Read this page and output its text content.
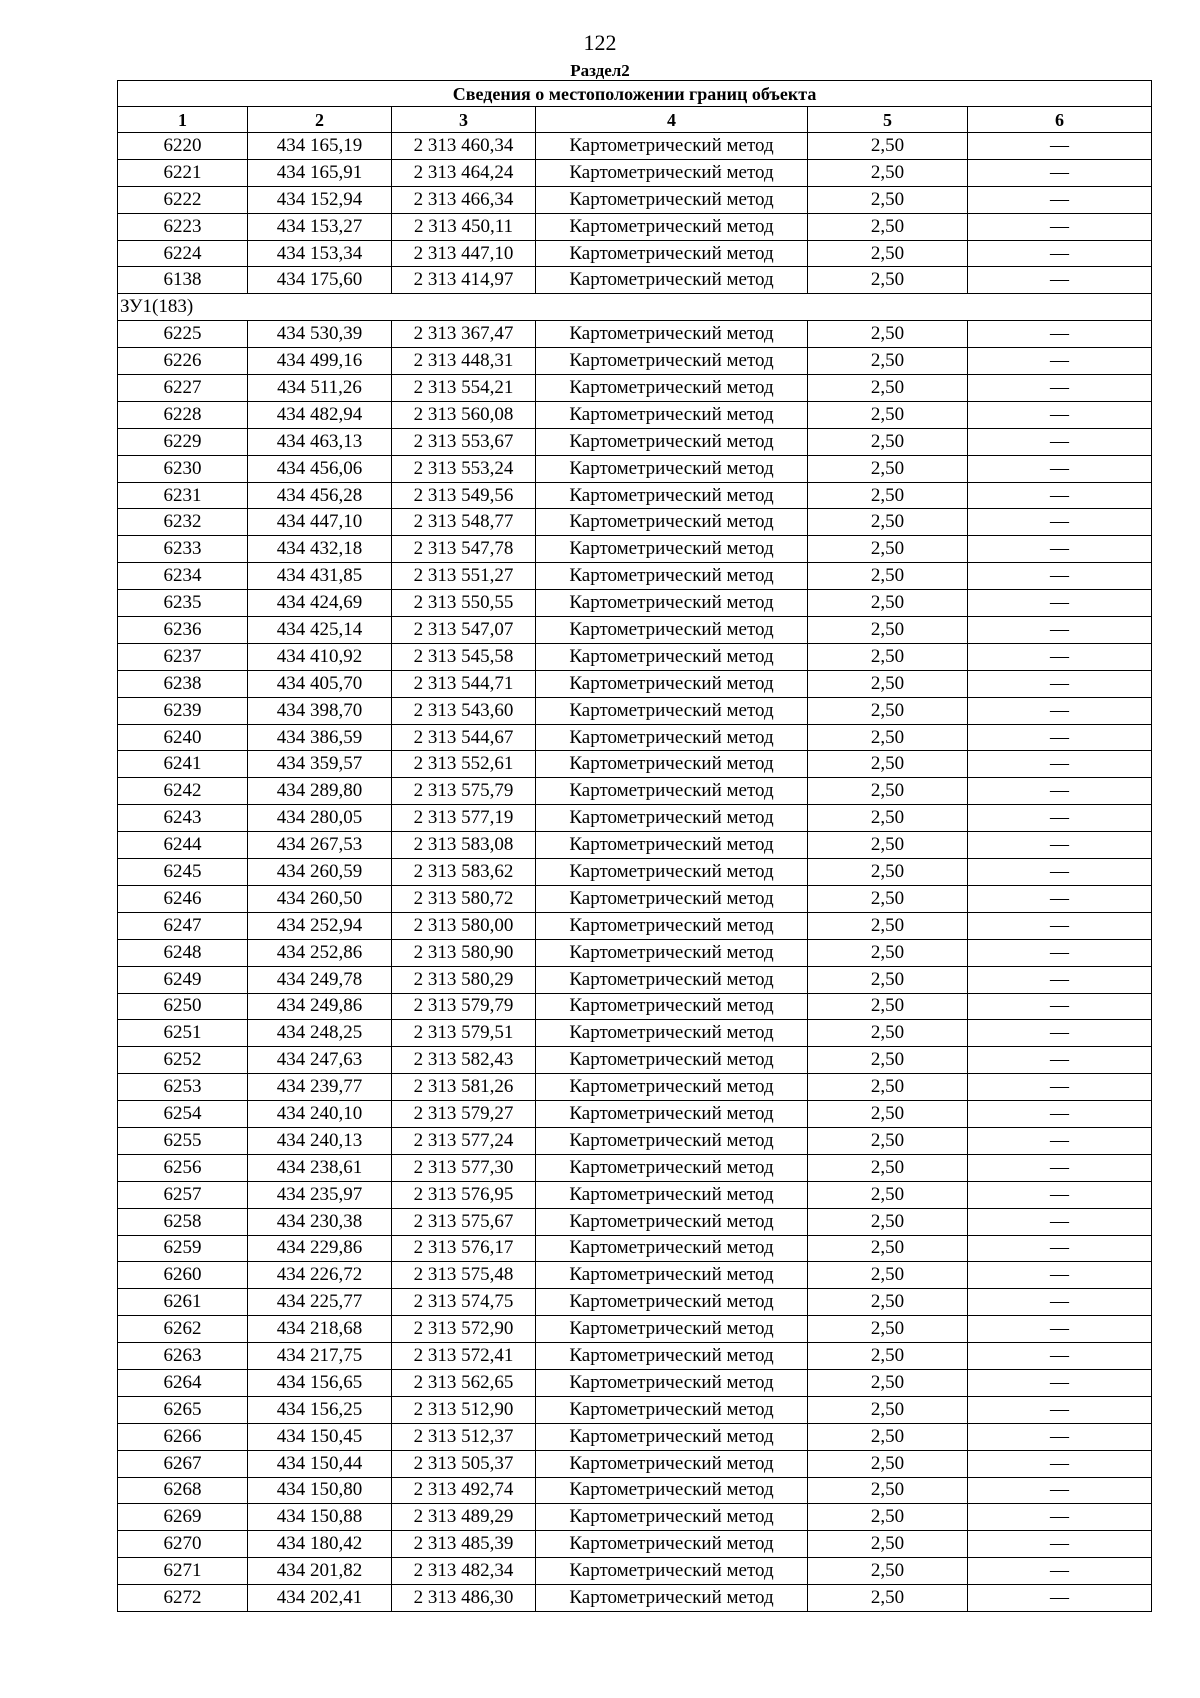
122
Раздел2
Сведения о местоположении границ объекта					
1	2	3	4	5	6
6220	434 165,19	2 313 460,34	Картометрический метод	2,50	—
6221	434 165,91	2 313 464,24	Картометрический метод	2,50	—
6222	434 152,94	2 313 466,34	Картометрический метод	2,50	—
6223	434 153,27	2 313 450,11	Картометрический метод	2,50	—
6224	434 153,34	2 313 447,10	Картометрический метод	2,50	—
6138	434 175,60	2 313 414,97	Картометрический метод	2,50	—
ЗУ1(183)					
6225	434 530,39	2 313 367,47	Картометрический метод	2,50	—
6226	434 499,16	2 313 448,31	Картометрический метод	2,50	—
6227	434 511,26	2 313 554,21	Картометрический метод	2,50	—
6228	434 482,94	2 313 560,08	Картометрический метод	2,50	—
6229	434 463,13	2 313 553,67	Картометрический метод	2,50	—
6230	434 456,06	2 313 553,24	Картометрический метод	2,50	—
6231	434 456,28	2 313 549,56	Картометрический метод	2,50	—
6232	434 447,10	2 313 548,77	Картометрический метод	2,50	—
6233	434 432,18	2 313 547,78	Картометрический метод	2,50	—
6234	434 431,85	2 313 551,27	Картометрический метод	2,50	—
6235	434 424,69	2 313 550,55	Картометрический метод	2,50	—
6236	434 425,14	2 313 547,07	Картометрический метод	2,50	—
6237	434 410,92	2 313 545,58	Картометрический метод	2,50	—
6238	434 405,70	2 313 544,71	Картометрический метод	2,50	—
6239	434 398,70	2 313 543,60	Картометрический метод	2,50	—
6240	434 386,59	2 313 544,67	Картометрический метод	2,50	—
6241	434 359,57	2 313 552,61	Картометрический метод	2,50	—
6242	434 289,80	2 313 575,79	Картометрический метод	2,50	—
6243	434 280,05	2 313 577,19	Картометрический метод	2,50	—
6244	434 267,53	2 313 583,08	Картометрический метод	2,50	—
6245	434 260,59	2 313 583,62	Картометрический метод	2,50	—
6246	434 260,50	2 313 580,72	Картометрический метод	2,50	—
6247	434 252,94	2 313 580,00	Картометрический метод	2,50	—
6248	434 252,86	2 313 580,90	Картометрический метод	2,50	—
6249	434 249,78	2 313 580,29	Картометрический метод	2,50	—
6250	434 249,86	2 313 579,79	Картометрический метод	2,50	—
6251	434 248,25	2 313 579,51	Картометрический метод	2,50	—
6252	434 247,63	2 313 582,43	Картометрический метод	2,50	—
6253	434 239,77	2 313 581,26	Картометрический метод	2,50	—
6254	434 240,10	2 313 579,27	Картометрический метод	2,50	—
6255	434 240,13	2 313 577,24	Картометрический метод	2,50	—
6256	434 238,61	2 313 577,30	Картометрический метод	2,50	—
6257	434 235,97	2 313 576,95	Картометрический метод	2,50	—
6258	434 230,38	2 313 575,67	Картометрический метод	2,50	—
6259	434 229,86	2 313 576,17	Картометрический метод	2,50	—
6260	434 226,72	2 313 575,48	Картометрический метод	2,50	—
6261	434 225,77	2 313 574,75	Картометрический метод	2,50	—
6262	434 218,68	2 313 572,90	Картометрический метод	2,50	—
6263	434 217,75	2 313 572,41	Картометрический метод	2,50	—
6264	434 156,65	2 313 562,65	Картометрический метод	2,50	—
6265	434 156,25	2 313 512,90	Картометрический метод	2,50	—
6266	434 150,45	2 313 512,37	Картометрический метод	2,50	—
6267	434 150,44	2 313 505,37	Картометрический метод	2,50	—
6268	434 150,80	2 313 492,74	Картометрический метод	2,50	—
6269	434 150,88	2 313 489,29	Картометрический метод	2,50	—
6270	434 180,42	2 313 485,39	Картометрический метод	2,50	—
6271	434 201,82	2 313 482,34	Картометрический метод	2,50	—
6272	434 202,41	2 313 486,30	Картометрический метод	2,50	—
